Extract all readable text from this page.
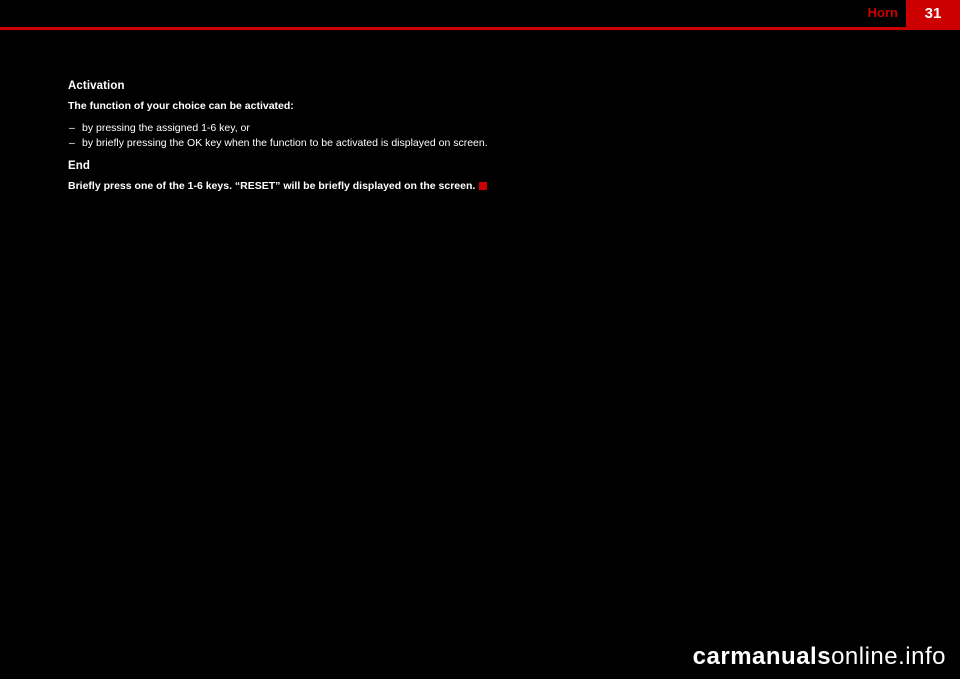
Horn	31
Activation

The function of your choice can be activated:

– by pressing the assigned 1-6 key, or
– by briefly pressing the OK key when the function to be activated is displayed on screen.
End

Briefly press one of the 1-6 keys. “RESET” will be briefly displayed on the screen.

carmanualsonline.info
